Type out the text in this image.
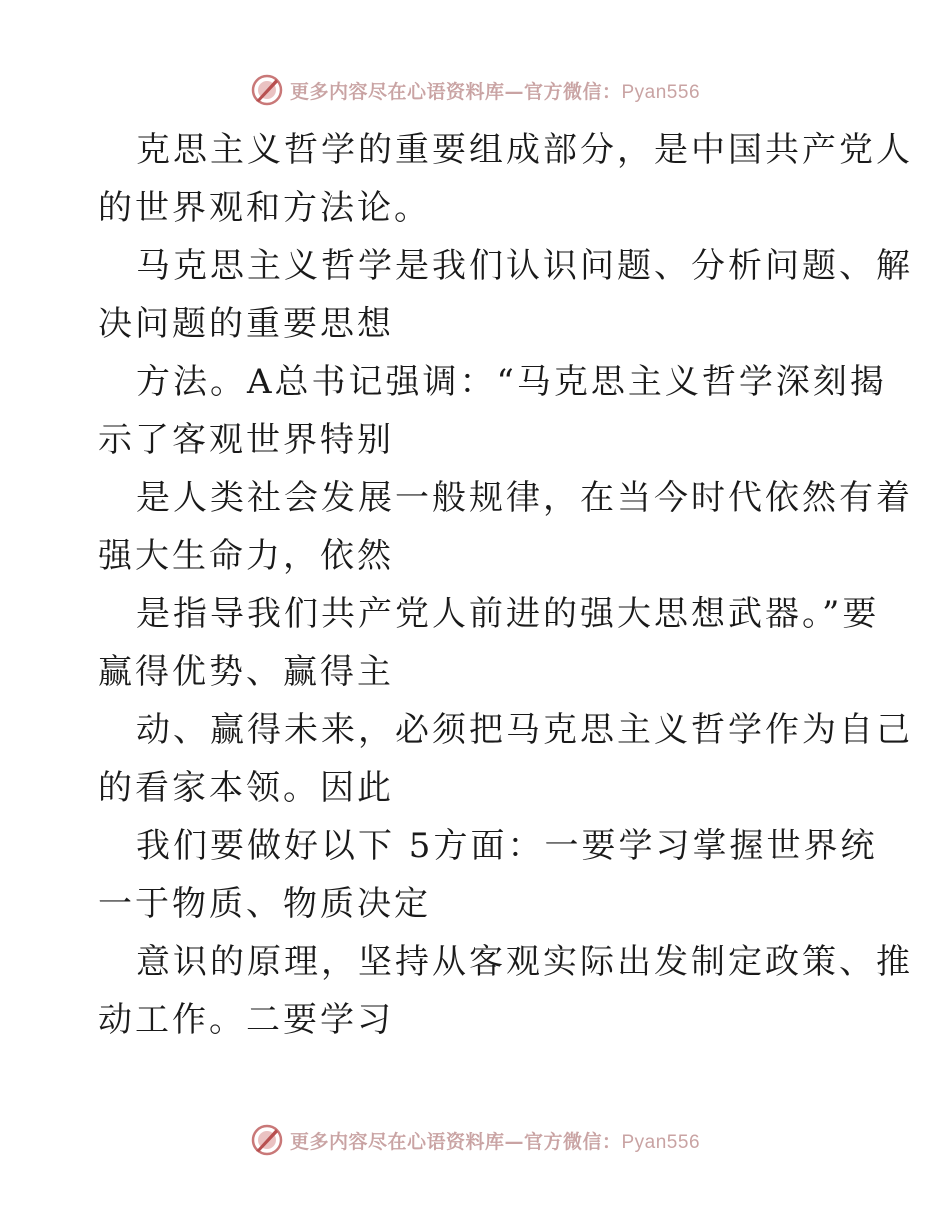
更多内容尽在心语资料库—官方微信：Pyan556
克思主义哲学的重要组成部分，是中国共产党人
的世界观和方法论。
马克思主义哲学是我们认识问题、分析问题、解
决问题的重要思想
方法。A总书记强调：“马克思主义哲学深刻揭
示了客观世界特别
是人类社会发展一般规律，在当今时代依然有着
强大生命力，依然
是指导我们共产党人前进的强大思想武器。”要
赢得优势、赢得主
动、赢得未来，必须把马克思主义哲学作为自己
的看家本领。因此
我们要做好以下 5方面：一要学习掌握世界统
一于物质、物质决定
意识的原理，坚持从客观实际出发制定政策、推
动工作。二要学习
更多内容尽在心语资料库—官方微信：Pyan556
